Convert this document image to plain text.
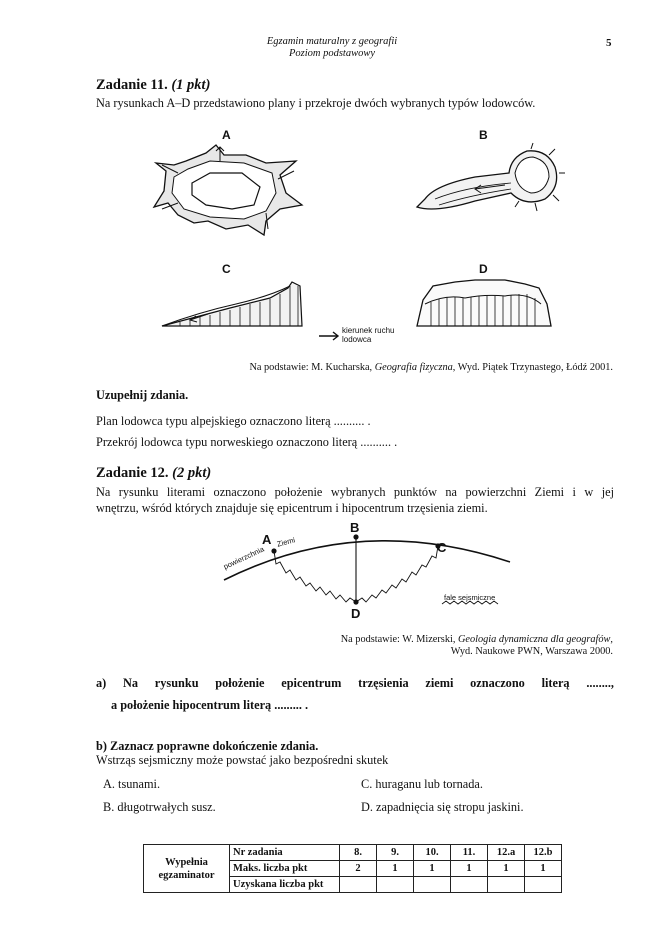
Egzamin maturalny z geografii
Poziom podstawowy
5
Zadanie 11. (1 pkt)
Na rysunkach A–D przedstawiono plany i przekroje dwóch wybranych typów lodowców.
A	B
C	D
kierunek ruchu
lodowca
Na podstawie: M. Kucharska, Geografia fizyczna, Wyd. Piątek Trzynastego, Łódź 2001.
Uzupełnij zdania.
Plan lodowca typu alpejskiego oznaczono literą .......... .
Przekrój lodowca typu norweskiego oznaczono literą .......... .
Zadanie 12. (2 pkt)
Na rysunku literami oznaczono położenie wybranych punktów na powierzchni Ziemi i w jej
wnętrzu, wśród których znajduje się epicentrum i hipocentrum trzęsienia ziemi.
A
B
C
D
powierzchnia
Ziemi
fale sejsmiczne
Na podstawie: W. Mizerski, Geologia dynamiczna dla geografów,
Wyd. Naukowe PWN, Warszawa 2000.
a) Na rysunku położenie epicentrum trzęsienia ziemi oznaczono literą ........,
a położenie hipocentrum literą ......... .
b) Zaznacz poprawne dokończenie zdania.
Wstrząs sejsmiczny może powstać jako bezpośredni skutek
A. tsunami.
B. długotrwałych susz.
C. huraganu lub tornada.
D. zapadnięcia się stropu jaskini.
Wypełnia
egzaminator	Nr zadania	8.	9.	10.	11.	12.a	12.b
	Maks. liczba pkt	2	1	1	1	1	1
	Uzyskana liczba pkt						
